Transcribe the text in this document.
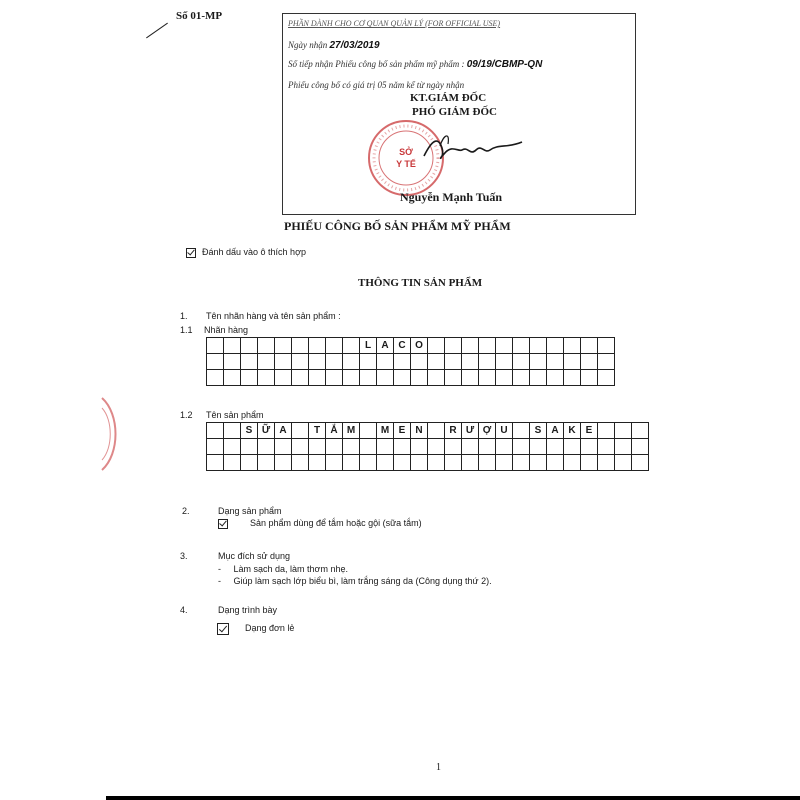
Số 01-MP
PHẦN DÀNH CHO CƠ QUAN QUẢN LÝ (FOR OFFICIAL USE)
Ngày nhận 27/03/2019
Số tiếp nhận Phiếu công bố sản phẩm mỹ phẩm : 09/19/CBMP-QN
Phiếu công bố có giá trị 05 năm kể từ ngày nhận
KT.GIÁM ĐỐC
PHÓ GIÁM ĐỐC
SỞ
Y TẾ
Nguyễn Mạnh Tuấn
PHIẾU CÔNG BỐ SẢN PHẨM MỸ PHẨM
Đánh dấu vào ô thích hợp
THÔNG TIN SẢN PHẨM
1. Tên nhãn hàng và tên sản phẩm :
1.1 Nhãn hàng
									L	A	C	O											

1.2 Tên sản phẩm
		S	Ữ	A		T	Ắ	M		M	E	N		R	Ư	Ợ	U		S	A	K	E			

2.	Dạng sản phẩm
Sản phẩm dùng để tắm hoặc gội (sữa tắm)
3.	Mục đích sử dụng
- Làm sạch da, làm thơm nhẹ.
- Giúp làm sạch lớp biểu bì, làm trắng sáng da (Công dụng thứ 2).
4.	Dạng trình bày
Dạng đơn lẻ
1
